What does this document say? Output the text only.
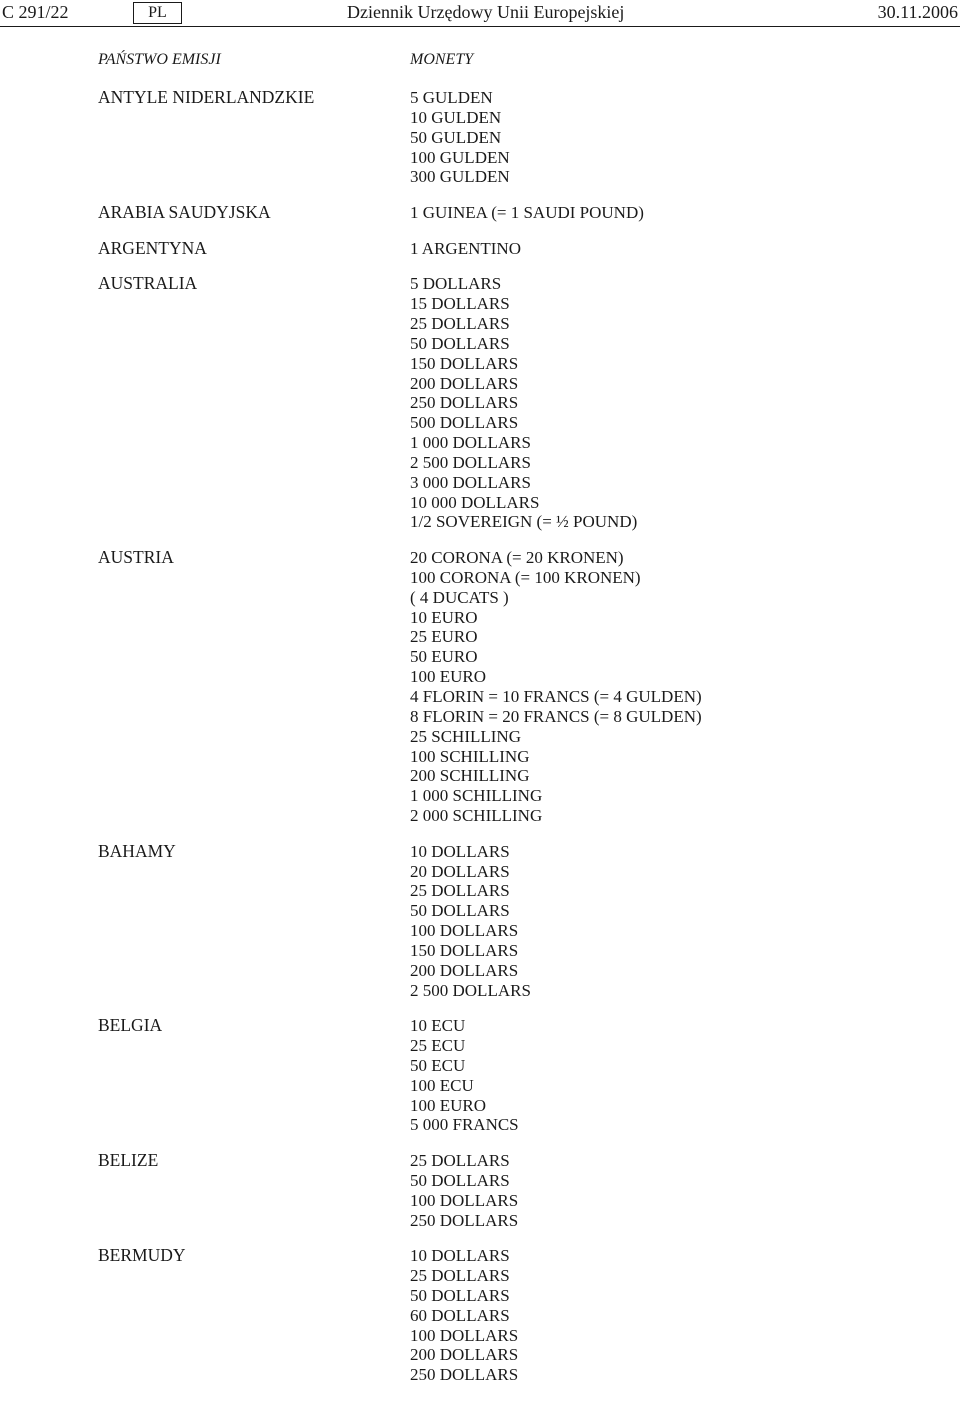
C 291/22	PL	Dziennik Urzędowy Unii Europejskiej	30.11.2006
PAŃSTWO EMISJI	MONETY
ANTYLE NIDERLANDZKIE	5 GULDEN
10 GULDEN
50 GULDEN
100 GULDEN
300 GULDEN
ARABIA SAUDYJSKA	1 GUINEA (= 1 SAUDI POUND)
ARGENTYNA	1 ARGENTINO
AUSTRALIA	5 DOLLARS
15 DOLLARS
25 DOLLARS
50 DOLLARS
150 DOLLARS
200 DOLLARS
250 DOLLARS
500 DOLLARS
1 000 DOLLARS
2 500 DOLLARS
3 000 DOLLARS
10 000 DOLLARS
1/2 SOVEREIGN (= ½ POUND)
AUSTRIA	20 CORONA (= 20 KRONEN)
100 CORONA (= 100 KRONEN)
( 4 DUCATS )
10 EURO
25 EURO
50 EURO
100 EURO
4 FLORIN = 10 FRANCS (= 4 GULDEN)
8 FLORIN = 20 FRANCS (= 8 GULDEN)
25 SCHILLING
100 SCHILLING
200 SCHILLING
1 000 SCHILLING
2 000 SCHILLING
BAHAMY	10 DOLLARS
20 DOLLARS
25 DOLLARS
50 DOLLARS
100 DOLLARS
150 DOLLARS
200 DOLLARS
2 500 DOLLARS
BELGIA	10 ECU
25 ECU
50 ECU
100 ECU
100 EURO
5 000 FRANCS
BELIZE	25 DOLLARS
50 DOLLARS
100 DOLLARS
250 DOLLARS
BERMUDY	10 DOLLARS
25 DOLLARS
50 DOLLARS
60 DOLLARS
100 DOLLARS
200 DOLLARS
250 DOLLARS
